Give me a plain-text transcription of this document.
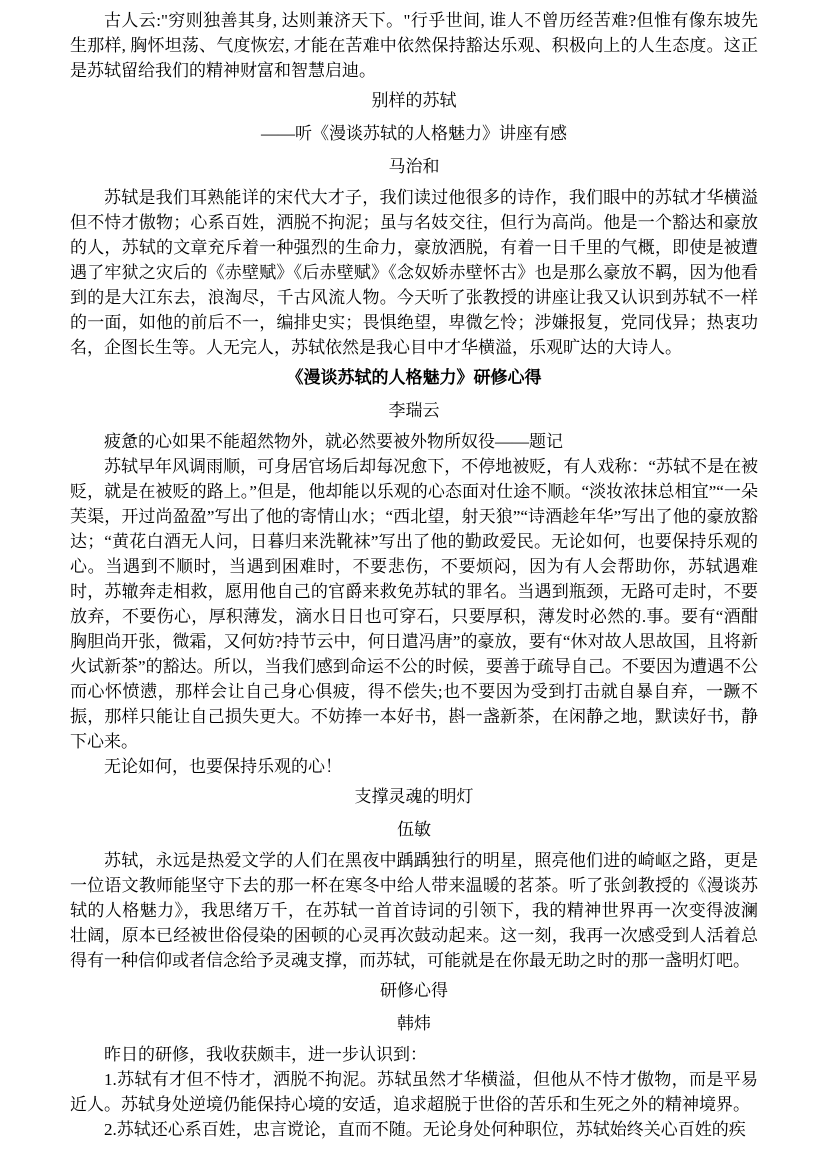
古人云:"穷则独善其身, 达则兼济天下。"行乎世间, 谁人不曾历经苦难?但惟有像东坡先生那样, 胸怀坦荡、气度恢宏, 才能在苦难中依然保持豁达乐观、积极向上的人生态度。这正是苏轼留给我们的精神财富和智慧启迪。

别样的苏轼
——听《漫谈苏轼的人格魅力》讲座有感
马治和

苏轼是我们耳熟能详的宋代大才子，我们读过他很多的诗作，我们眼中的苏轼才华横溢但不恃才傲物；心系百姓，洒脱不拘泥；虽与名妓交往，但行为高尚。他是一个豁达和豪放的人，苏轼的文章充斥着一种强烈的生命力，豪放洒脱，有着一日千里的气概，即使是被遭遇了牢狱之灾后的《赤壁赋》《后赤壁赋》《念奴娇赤壁怀古》也是那么豪放不羁，因为他看到的是大江东去，浪淘尽，千古风流人物。今天听了张教授的讲座让我又认识到苏轼不一样的一面，如他的前后不一，编排史实；畏惧绝望，卑微乞怜；涉嫌报复，党同伐异；热衷功名，企图长生等。人无完人，苏轼依然是我心目中才华横溢，乐观旷达的大诗人。

《漫谈苏轼的人格魅力》研修心得
李瑞云

疲惫的心如果不能超然物外，就必然要被外物所奴役——题记

苏轼早年风调雨顺，可身居官场后却每况愈下，不停地被贬，有人戏称：“苏轼不是在被贬，就是在被贬的路上。”但是，他却能以乐观的心态面对仕途不顺。“淡妆浓抹总相宜”“一朵芙渠，开过尚盈盈”写出了他的寄情山水；“西北望，射天狼”“诗酒趁年华”写出了他的豪放豁达；“黄花白酒无人问，日暮归来洗靴袜”写出了他的勤政爱民。无论如何，也要保持乐观的心。当遇到不顺时，当遇到困难时，不要悲伤，不要烦闷，因为有人会帮助你，苏轼遇难时，苏辙奔走相救，愿用他自己的官爵来救免苏轼的罪名。当遇到瓶颈，无路可走时，不要放弃，不要伤心，厚积薄发，滴水日日也可穿石，只要厚积，薄发时必然的.事。要有“酒酣胸胆尚开张，微霜，又何妨?持节云中，何日遣冯唐”的豪放，要有“休对故人思故国，且将新火试新茶”的豁达。所以，当我们感到命运不公的时候，要善于疏导自己。不要因为遭遇不公而心怀愤懑，那样会让自己身心俱疲，得不偿失;也不要因为受到打击就自暴自弃，一蹶不振，那样只能让自己损失更大。不妨捧一本好书，斟一盏新茶，在闲静之地，默读好书，静下心来。

无论如何，也要保持乐观的心！

支撑灵魂的明灯
伍敏

苏轼，永远是热爱文学的人们在黑夜中踽踽独行的明星，照亮他们进的崎岖之路，更是一位语文教师能坚守下去的那一杯在寒冬中给人带来温暖的茗茶。听了张剑教授的《漫谈苏轼的人格魅力》，我思绪万千，在苏轼一首首诗词的引领下，我的精神世界再一次变得波澜壮阔，原本已经被世俗侵染的困顿的心灵再次鼓动起来。这一刻，我再一次感受到人活着总得有一种信仰或者信念给予灵魂支撑，而苏轼，可能就是在你最无助之时的那一盏明灯吧。

研修心得
韩炜

昨日的研修，我收获颇丰，进一步认识到：

1.苏轼有才但不恃才，洒脱不拘泥。苏轼虽然才华横溢，但他从不恃才傲物，而是平易近人。苏轼身处逆境仍能保持心境的安适，追求超脱于世俗的苦乐和生死之外的精神境界。

2.苏轼还心系百姓，忠言谠论，直而不随。无论身处何种职位，苏轼始终关心百姓的疾
